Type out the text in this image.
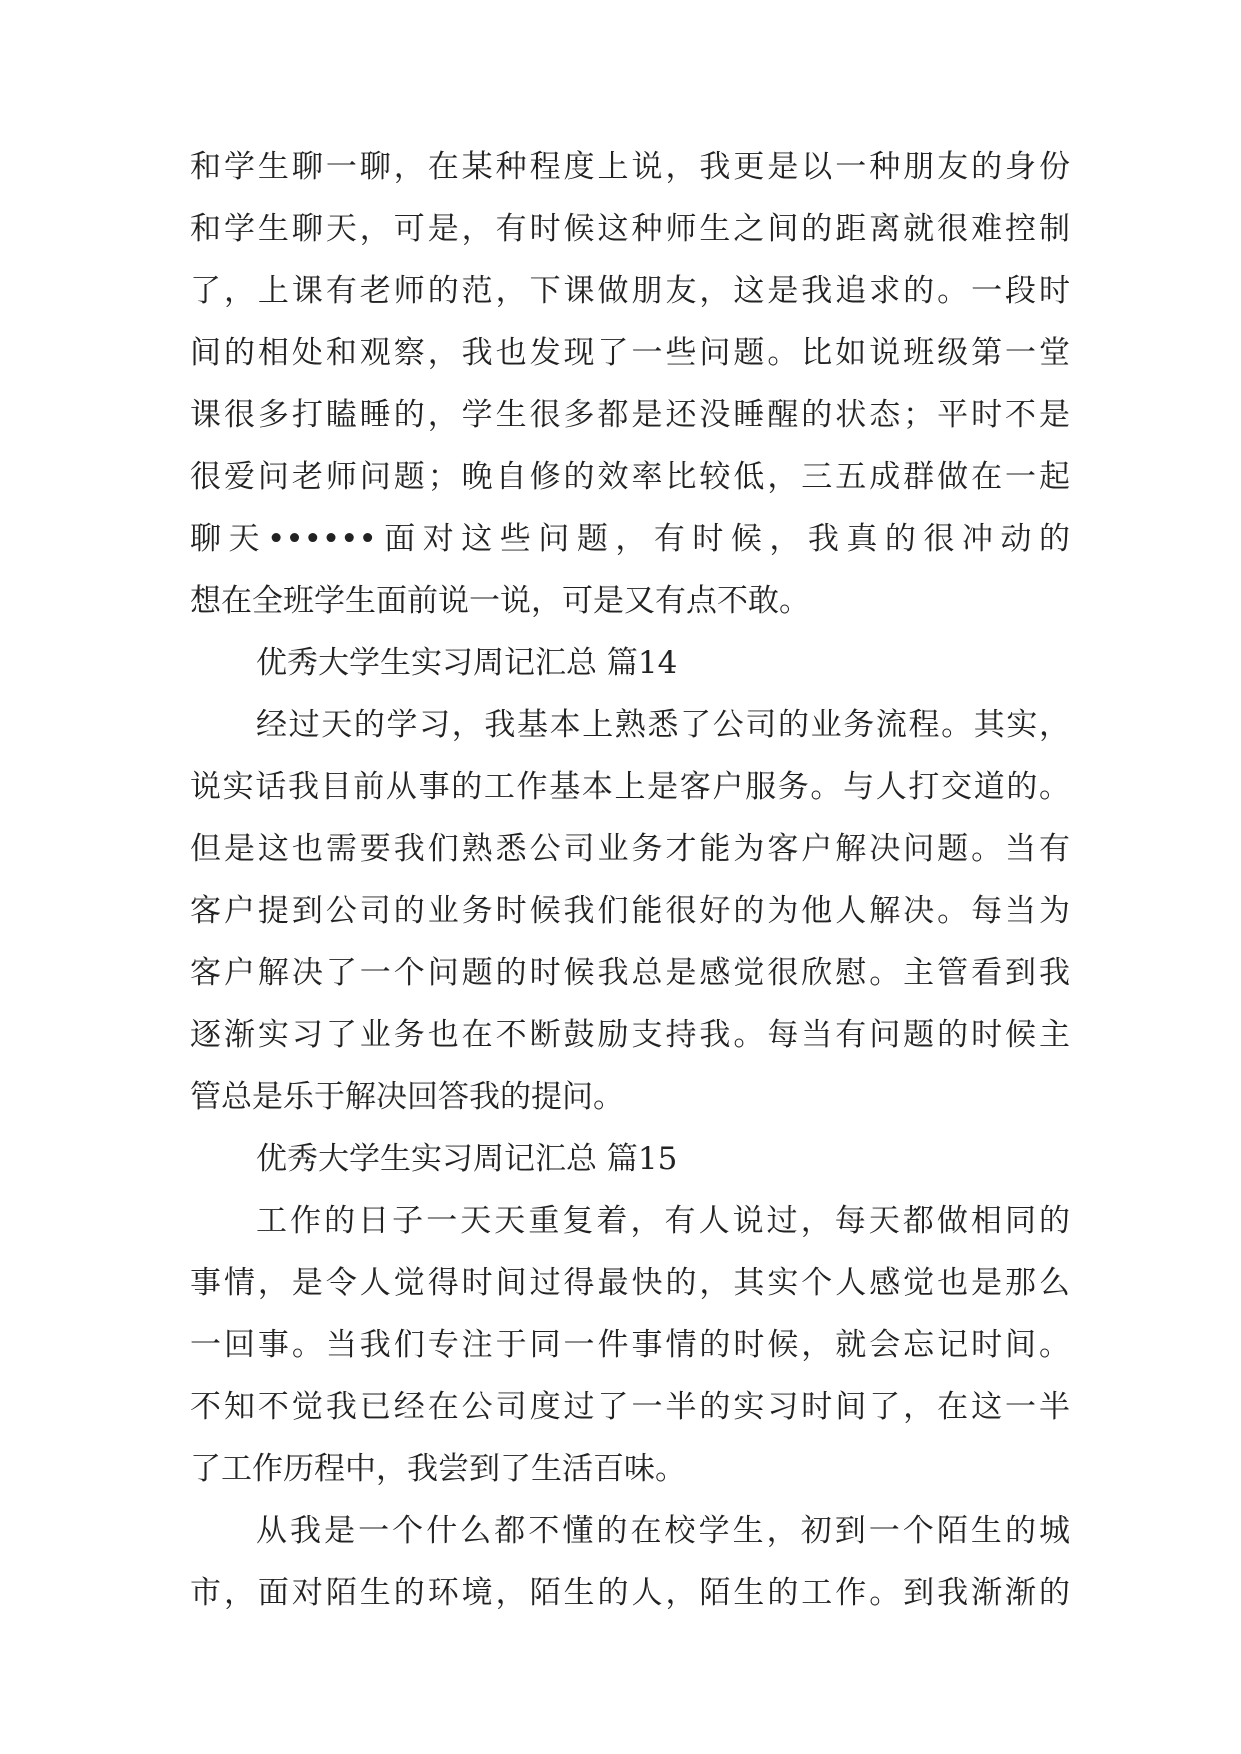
和学生聊一聊，在某种程度上说，我更是以一种朋友的身份
和学生聊天，可是，有时候这种师生之间的距离就很难控制
了，上课有老师的范，下课做朋友，这是我追求的。一段时
间的相处和观察，我也发现了一些问题。比如说班级第一堂
课很多打瞌睡的，学生很多都是还没睡醒的状态；平时不是
很爱问老师问题；晚自修的效率比较低，三五成群做在一起
聊天••••••面对这些问题，有时候，我真的很冲动的
想在全班学生面前说一说，可是又有点不敢。
优秀大学生实习周记汇总 篇14
经过天的学习，我基本上熟悉了公司的业务流程。其实，
说实话我目前从事的工作基本上是客户服务。与人打交道的。
但是这也需要我们熟悉公司业务才能为客户解决问题。当有
客户提到公司的业务时候我们能很好的为他人解决。每当为
客户解决了一个问题的时候我总是感觉很欣慰。主管看到我
逐渐实习了业务也在不断鼓励支持我。每当有问题的时候主
管总是乐于解决回答我的提问。
优秀大学生实习周记汇总 篇15
工作的日子一天天重复着，有人说过，每天都做相同的
事情，是令人觉得时间过得最快的，其实个人感觉也是那么
一回事。当我们专注于同一件事情的时候，就会忘记时间。
不知不觉我已经在公司度过了一半的实习时间了，在这一半
了工作历程中，我尝到了生活百味。
从我是一个什么都不懂的在校学生，初到一个陌生的城
市，面对陌生的环境，陌生的人，陌生的工作。到我渐渐的
